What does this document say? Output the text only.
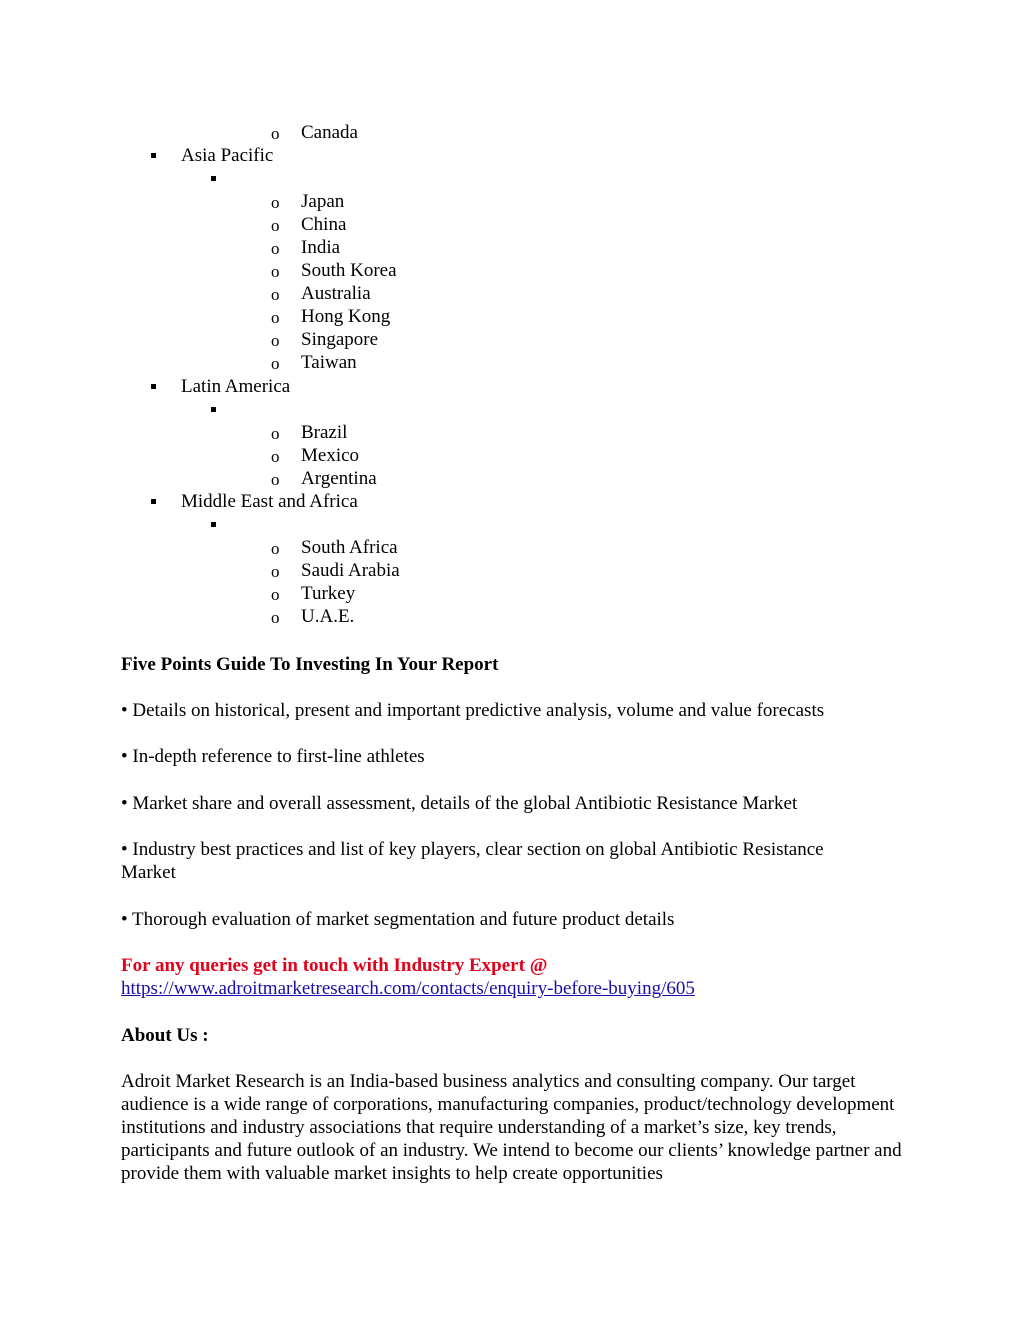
o Canada
Asia Pacific
o Japan
o China
o India
o South Korea
o Australia
o Hong Kong
o Singapore
o Taiwan
Latin America
o Brazil
o Mexico
o Argentina
Middle East and Africa
o South Africa
o Saudi Arabia
o Turkey
o U.A.E.
Five Points Guide To Investing In Your Report
• Details on historical, present and important predictive analysis, volume and value forecasts
• In-depth reference to first-line athletes
• Market share and overall assessment, details of the global Antibiotic Resistance Market
• Industry best practices and list of key players, clear section on global Antibiotic Resistance Market
• Thorough evaluation of market segmentation and future product details
For any queries get in touch with Industry Expert @
https://www.adroitmarketresearch.com/contacts/enquiry-before-buying/605
About Us :
Adroit Market Research is an India-based business analytics and consulting company. Our target audience is a wide range of corporations, manufacturing companies, product/technology development institutions and industry associations that require understanding of a market’s size, key trends, participants and future outlook of an industry. We intend to become our clients’ knowledge partner and provide them with valuable market insights to help create opportunities
